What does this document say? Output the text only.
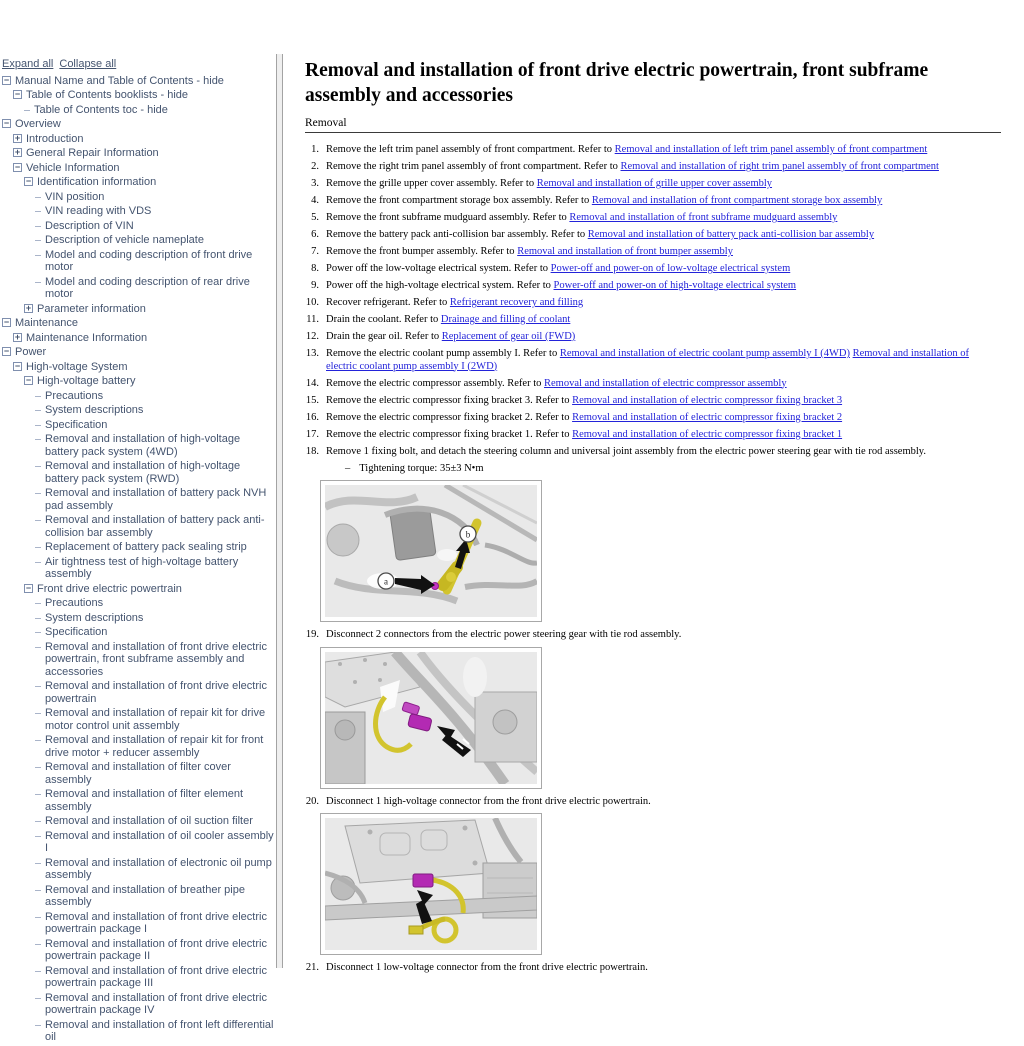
Expand all Collapse all
−
Manual Name and Table of Contents - hide
−
Table of Contents booklists - hide
Table of Contents toc - hide
−
Overview
+
Introduction
+
General Repair Information
−
Vehicle Information
−
Identification information
VIN position
VIN reading with VDS
Description of VIN
Description of vehicle nameplate
Model and coding description of front drive motor
Model and coding description of rear drive motor
+
Parameter information
−
Maintenance
+
Maintenance Information
−
Power
−
High-voltage System
−
High-voltage battery
Precautions
System descriptions
Specification
Removal and installation of high-voltage battery pack system (4WD)
Removal and installation of high-voltage battery pack system (RWD)
Removal and installation of battery pack NVH pad assembly
Removal and installation of battery pack anti-collision bar assembly
Replacement of battery pack sealing strip
Air tightness test of high-voltage battery assembly
−
Front drive electric powertrain
Precautions
System descriptions
Specification
Removal and installation of front drive electric powertrain, front subframe assembly and accessories
Removal and installation of front drive electric powertrain
Removal and installation of repair kit for drive motor control unit assembly
Removal and installation of repair kit for front drive motor + reducer assembly
Removal and installation of filter cover assembly
Removal and installation of filter element assembly
Removal and installation of oil suction filter
Removal and installation of oil cooler assembly I
Removal and installation of electronic oil pump assembly
Removal and installation of breather pipe assembly
Removal and installation of front drive electric powertrain package I
Removal and installation of front drive electric powertrain package II
Removal and installation of front drive electric powertrain package III
Removal and installation of front drive electric powertrain package IV
Removal and installation of front left differential oil
Removal and installation of front drive electric powertrain, front subframe assembly and accessories

Removal

1. Remove the left trim panel assembly of front compartment. Refer to Removal and installation of left trim panel assembly of front compartment
2. Remove the right trim panel assembly of front compartment. Refer to Removal and installation of right trim panel assembly of front compartment
3. Remove the grille upper cover assembly. Refer to Removal and installation of grille upper cover assembly
4. Remove the front compartment storage box assembly. Refer to Removal and installation of front compartment storage box assembly
5. Remove the front subframe mudguard assembly. Refer to Removal and installation of front subframe mudguard assembly
6. Remove the battery pack anti-collision bar assembly. Refer to Removal and installation of battery pack anti-collision bar assembly
7. Remove the front bumper assembly. Refer to Removal and installation of front bumper assembly
8. Power off the low-voltage electrical system. Refer to Power-off and power-on of low-voltage electrical system
9. Power off the high-voltage electrical system. Refer to Power-off and power-on of high-voltage electrical system
10. Recover refrigerant. Refer to Refrigerant recovery and filling
11. Drain the coolant. Refer to Drainage and filling of coolant
12. Drain the gear oil. Refer to Replacement of gear oil (FWD)
13. Remove the electric coolant pump assembly I. Refer to Removal and installation of electric coolant pump assembly I (4WD) Removal and installation of electric coolant pump assembly I (2WD)
14. Remove the electric compressor assembly. Refer to Removal and installation of electric compressor assembly
15. Remove the electric compressor fixing bracket 3. Refer to Removal and installation of electric compressor fixing bracket 3
16. Remove the electric compressor fixing bracket 2. Refer to Removal and installation of electric compressor fixing bracket 2
17. Remove the electric compressor fixing bracket 1. Refer to Removal and installation of electric compressor fixing bracket 1
18. Remove 1 fixing bolt, and detach the steering column and universal joint assembly from the electric power steering gear with tie rod assembly.
– Tightening torque: 35±3 N•m
a
b
19. Disconnect 2 connectors from the electric power steering gear with tie rod assembly.
20. Disconnect 1 high-voltage connector from the front drive electric powertrain.
21. Disconnect 1 low-voltage connector from the front drive electric powertrain.
